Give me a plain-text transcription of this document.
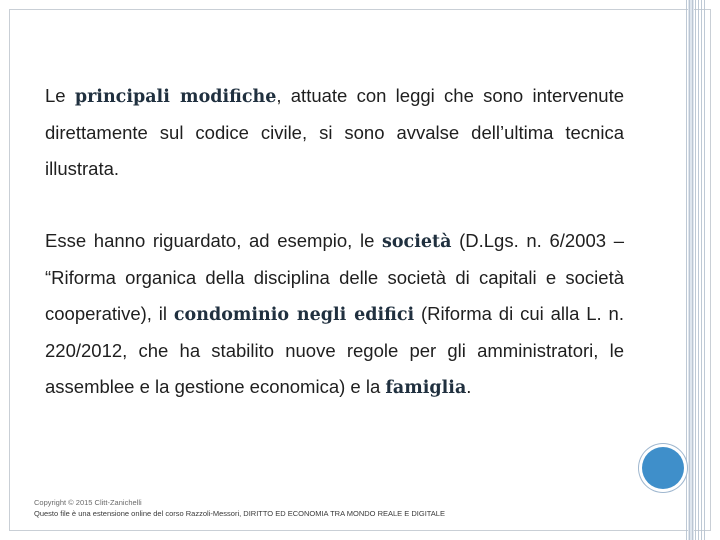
Le principali modifiche, attuate con leggi che sono intervenute direttamente sul codice civile, si sono avvalse dell’ultima tecnica illustrata.

Esse hanno riguardato, ad esempio, le società (D.Lgs. n. 6/2003 – “Riforma organica della disciplina delle società di capitali e società cooperative), il condominio negli edifici (Riforma di cui alla L. n. 220/2012, che ha stabilito nuove regole per gli amministratori, le assemblee e la gestione economica) e la famiglia.

Copyright © 2015 Clitt-Zanichelli
Questo file è una estensione online del corso Razzoli-Messori, DIRITTO ED ECONOMIA TRA MONDO REALE E DIGITALE
